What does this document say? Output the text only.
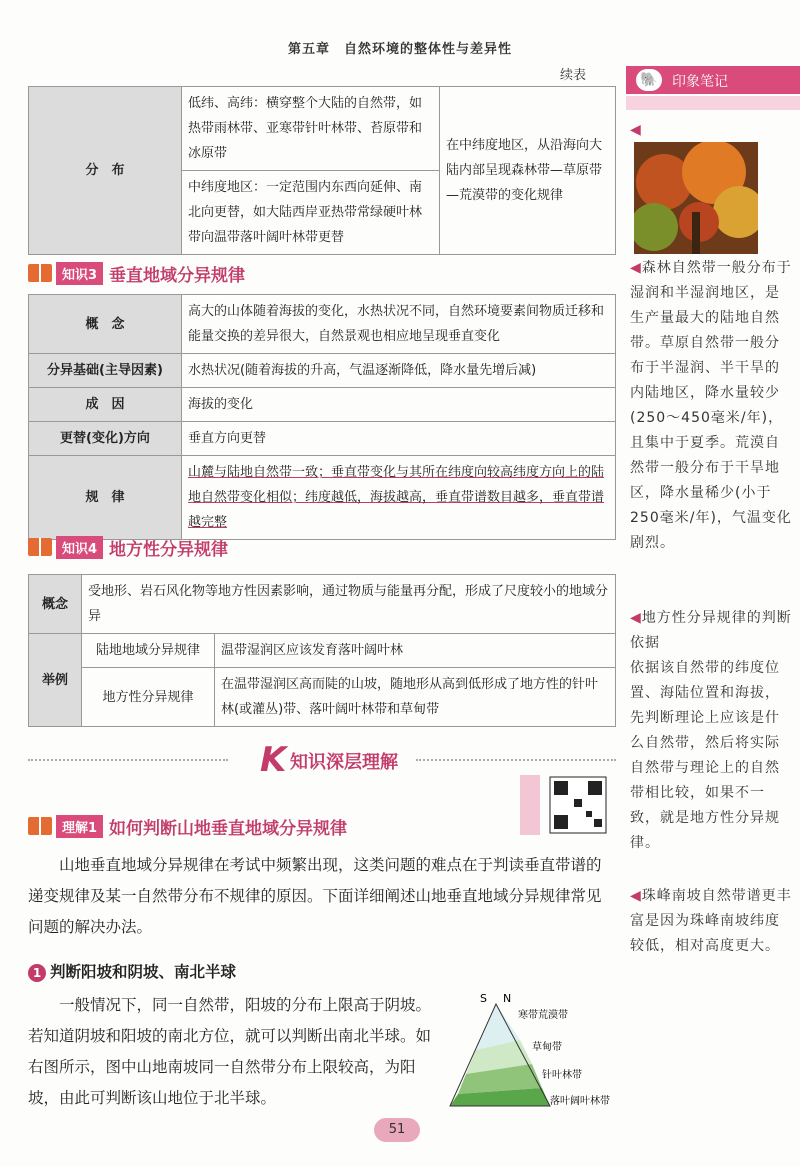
第五章　自然环境的整体性与差异性
续表	🐘	印象笔记
分　布	低纬、高纬：横穿整个大陆的自然带，如热带雨林带、亚寒带针叶林带、苔原带和冰原带	在中纬度地区，从沿海向大陆内部呈现森林带—草原带—荒漠带的变化规律
中纬度地区：一定范围内东西向延伸、南北向更替，如大陆西岸亚热带常绿硬叶林带向温带落叶阔叶林带更替
◀
◀森林自然带一般分布于湿润和半湿润地区，是生产量最大的陆地自然带。草原自然带一般分布于半湿润、半干旱的内陆地区，降水量较少(250～450毫米/年)，且集中于夏季。荒漠自然带一般分布于干旱地区，降水量稀少(小于250毫米/年)，气温变化剧烈。
◀地方性分异规律的判断依据
依据该自然带的纬度位置、海陆位置和海拔，先判断理论上应该是什么自然带，然后将实际自然带与理论上的自然带相比较，如果不一致，就是地方性分异规律。
◀珠峰南坡自然带谱更丰富是因为珠峰南坡纬度较低，相对高度更大。
知识3 垂直地域分异规律
概　念	高大的山体随着海拔的变化，水热状况不同，自然环境要素间物质迁移和能量交换的差异很大，自然景观也相应地呈现垂直变化
分异基础(主导因素)	水热状况(随着海拔的升高，气温逐渐降低，降水量先增后减)
成　因	海拔的变化
更替(变化)方向	垂直方向更替
规　律	山麓与陆地自然带一致；垂直带变化与其所在纬度向较高纬度方向上的陆地自然带变化相似；纬度越低，海拔越高，垂直带谱数目越多，垂直带谱越完整
知识4 地方性分异规律
概念	受地形、岩石风化物等地方性因素影响，通过物质与能量再分配，形成了尺度较小的地域分异	
举例	陆地地域分异规律	温带湿润区应该发育落叶阔叶林
	地方性分异规律	在温带湿润区高而陡的山坡，随地形从高到低形成了地方性的针叶林(或灌丛)带、落叶阔叶林带和草甸带
K 知识深层理解
理解1 如何判断山地垂直地域分异规律
山地垂直地域分异规律在考试中频繁出现，这类问题的难点在于判读垂直带谱的递变规律及某一自然带分布不规律的原因。下面详细阐述山地垂直地域分异规律常见问题的解决办法。
1 判断阳坡和阴坡、南北半球
一般情况下，同一自然带，阳坡的分布上限高于阴坡。若知道阴坡和阳坡的南北方位，就可以判断出南北半球。如右图所示，图中山地南坡同一自然带分布上限较高，为阳坡，由此可判断该山地位于北半球。
S N
寒带荒漠带
草甸带
针叶林带
落叶阔叶林带
51
